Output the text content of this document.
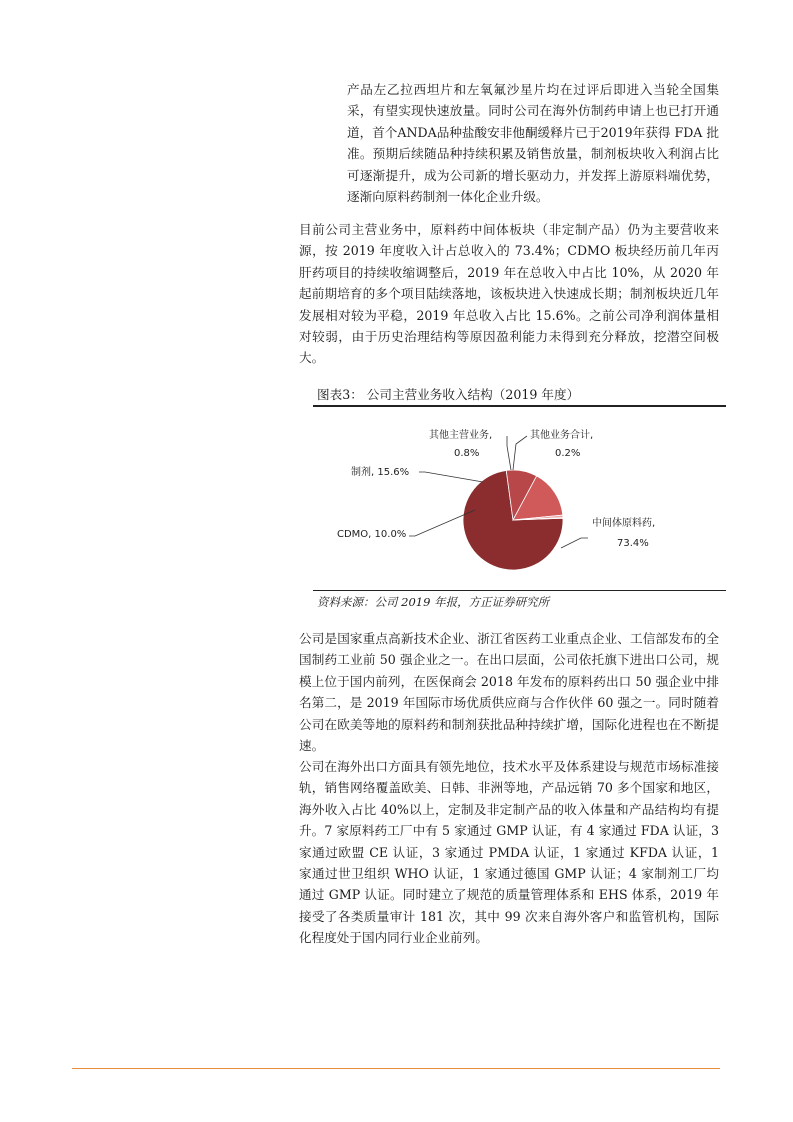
产品左乙拉西坦片和左氧氟沙星片均在过评后即进入当轮全国集采，有望实现快速放量。同时公司在海外仿制药申请上也已打开通道，首个ANDA品种盐酸安非他酮缓释片已于2019年获得 FDA 批准。预期后续随品种持续积累及销售放量，制剂板块收入利润占比可逐渐提升，成为公司新的增长驱动力，并发挥上游原料端优势，逐渐向原料药制剂一体化企业升级。

目前公司主营业务中，原料药中间体板块（非定制产品）仍为主要营收来源，按 2019 年度收入计占总收入的 73.4%；CDMO 板块经历前几年丙肝药项目的持续收缩调整后，2019 年在总收入中占比 10%，从 2020 年起前期培育的多个项目陆续落地，该板块进入快速成长期；制剂板块近几年发展相对较为平稳，2019 年总收入占比 15.6%。之前公司净利润体量相对较弱，由于历史治理结构等原因盈利能力未得到充分释放，挖潜空间极大。

图表3： 公司主营业务收入结构（2019 年度）
中间体原料药,
73.4%
CDMO, 10.0%
制剂, 15.6%
其他主营业务,
0.8%
其他业务合计,
0.2%
资料来源：公司 2019 年报，方正证券研究所

公司是国家重点高新技术企业、浙江省医药工业重点企业、工信部发布的全国制药工业前 50 强企业之一。在出口层面，公司依托旗下进出口公司，规模上位于国内前列，在医保商会 2018 年发布的原料药出口 50 强企业中排名第二，是 2019 年国际市场优质供应商与合作伙伴 60 强之一。同时随着公司在欧美等地的原料药和制剂获批品种持续扩增，国际化进程也在不断提速。

公司在海外出口方面具有领先地位，技术水平及体系建设与规范市场标准接轨，销售网络覆盖欧美、日韩、非洲等地，产品远销 70 多个国家和地区，海外收入占比 40%以上，定制及非定制产品的收入体量和产品结构均有提升。7 家原料药工厂中有 5 家通过 GMP 认证，有 4 家通过 FDA 认证，3 家通过欧盟 CE 认证，3 家通过 PMDA 认证，1 家通过 KFDA 认证，1 家通过世卫组织 WHO 认证，1 家通过德国 GMP 认证；4 家制剂工厂均通过 GMP 认证。同时建立了规范的质量管理体系和 EHS 体系，2019 年接受了各类质量审计 181 次，其中 99 次来自海外客户和监管机构，国际化程度处于国内同行业企业前列。
